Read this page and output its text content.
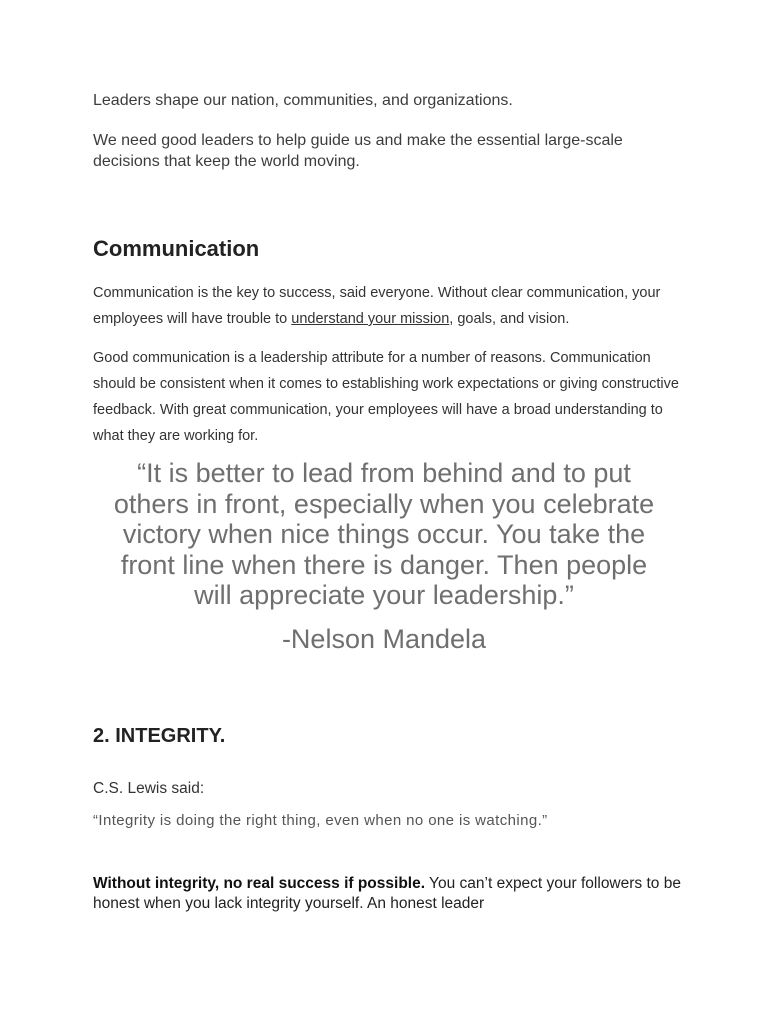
Leaders shape our nation, communities, and organizations.

We need good leaders to help guide us and make the essential large-scale decisions that keep the world moving.

Communication

Communication is the key to success, said everyone. Without clear communication, your employees will have trouble to understand your mission, goals, and vision.

Good communication is a leadership attribute for a number of reasons. Communication should be consistent when it comes to establishing work expectations or giving constructive feedback. With great communication, your employees will have a broad understanding to what they are working for.

“It is better to lead from behind and to put others in front, especially when you celebrate victory when nice things occur. You take the front line when there is danger. Then people will appreciate your leadership.”

-Nelson Mandela

2. INTEGRITY.

C.S. Lewis said:

“Integrity is doing the right thing, even when no one is watching.”

Without integrity, no real success if possible. You can’t expect your followers to be honest when you lack integrity yourself. An honest leader
